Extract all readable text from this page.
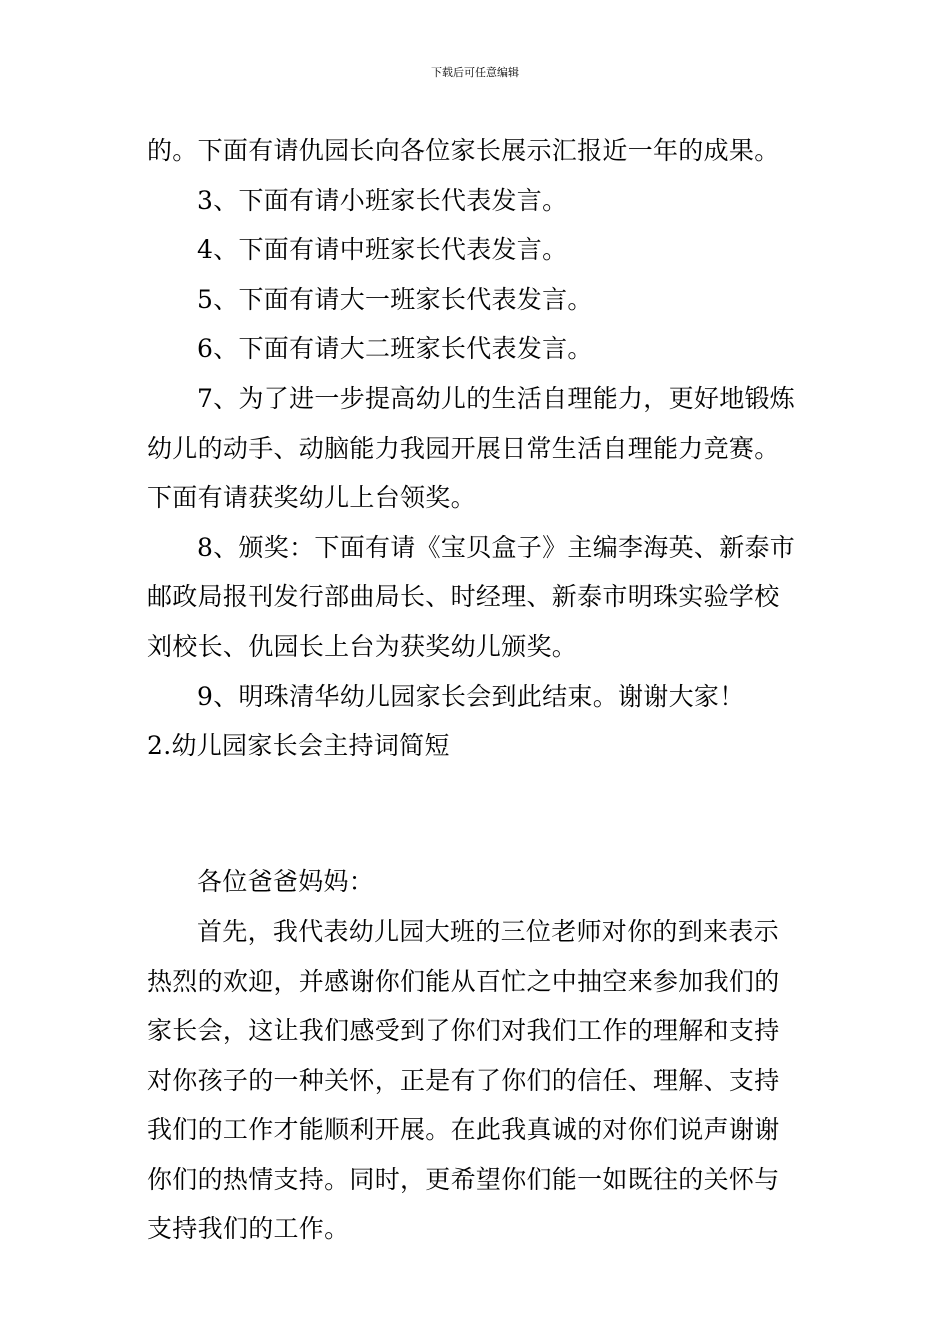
下载后可任意编辑
的。下面有请仇园长向各位家长展示汇报近一年的成果。
3、下面有请小班家长代表发言。
4、下面有请中班家长代表发言。
5、下面有请大一班家长代表发言。
6、下面有请大二班家长代表发言。
7、为了进一步提高幼儿的生活自理能力，更好地锻炼
幼儿的动手、动脑能力我园开展日常生活自理能力竞赛。
下面有请获奖幼儿上台领奖。
8、颁奖：下面有请《宝贝盒子》主编李海英、新泰市
邮政局报刊发行部曲局长、时经理、新泰市明珠实验学校
刘校长、仇园长上台为获奖幼儿颁奖。
9、明珠清华幼儿园家长会到此结束。谢谢大家！
2.幼儿园家长会主持词简短
各位爸爸妈妈：
首先，我代表幼儿园大班的三位老师对你的到来表示
热烈的欢迎，并感谢你们能从百忙之中抽空来参加我们的
家长会，这让我们感受到了你们对我们工作的理解和支持
对你孩子的一种关怀，正是有了你们的信任、理解、支持
我们的工作才能顺利开展。在此我真诚的对你们说声谢谢
你们的热情支持。同时，更希望你们能一如既往的关怀与
支持我们的工作。
